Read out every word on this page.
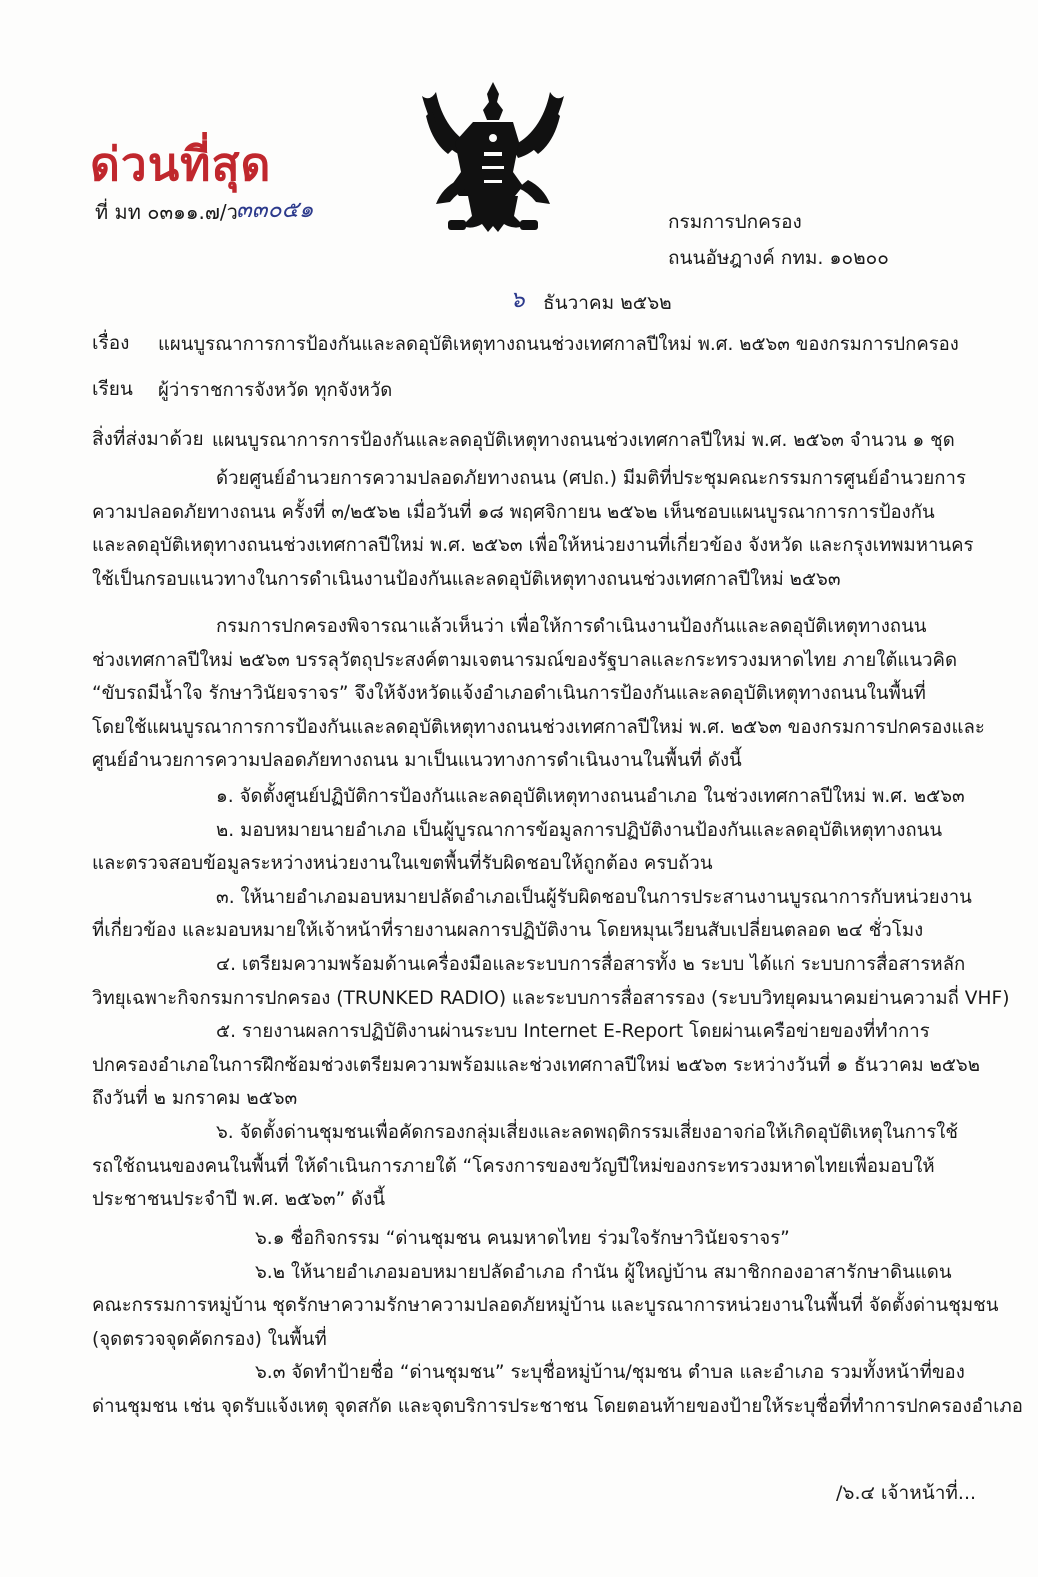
ด่วนที่สุด
ที่ มท ๐๓๑๑.๗/ว
๓๓๐๕๑	กรมการปกครอง
ถนนอัษฎางค์ กทม. ๑๐๒๐๐
๖ ธันวาคม ๒๕๖๒
เรื่อง แผนบูรณาการการป้องกันและลดอุบัติเหตุทางถนนช่วงเทศกาลปีใหม่ พ.ศ. ๒๕๖๓ ของกรมการปกครอง
เรียน ผู้ว่าราชการจังหวัด ทุกจังหวัด
สิ่งที่ส่งมาด้วย แผนบูรณาการการป้องกันและลดอุบัติเหตุทางถนนช่วงเทศกาลปีใหม่ พ.ศ. ๒๕๖๓ จำนวน ๑ ชุด
ด้วยศูนย์อำนวยการความปลอดภัยทางถนน (ศปถ.) มีมติที่ประชุมคณะกรรมการศูนย์อำนวยการ
ความปลอดภัยทางถนน ครั้งที่ ๓/๒๕๖๒ เมื่อวันที่ ๑๘ พฤศจิกายน ๒๕๖๒ เห็นชอบแผนบูรณาการการป้องกัน
และลดอุบัติเหตุทางถนนช่วงเทศกาลปีใหม่ พ.ศ. ๒๕๖๓ เพื่อให้หน่วยงานที่เกี่ยวข้อง จังหวัด และกรุงเทพมหานคร
ใช้เป็นกรอบแนวทางในการดำเนินงานป้องกันและลดอุบัติเหตุทางถนนช่วงเทศกาลปีใหม่ ๒๕๖๓
กรมการปกครองพิจารณาแล้วเห็นว่า เพื่อให้การดำเนินงานป้องกันและลดอุบัติเหตุทางถนน
ช่วงเทศกาลปีใหม่ ๒๕๖๓ บรรลุวัตถุประสงค์ตามเจตนารมณ์ของรัฐบาลและกระทรวงมหาดไทย ภายใต้แนวคิด
“ขับรถมีน้ำใจ รักษาวินัยจราจร” จึงให้จังหวัดแจ้งอำเภอดำเนินการป้องกันและลดอุบัติเหตุทางถนนในพื้นที่
โดยใช้แผนบูรณาการการป้องกันและลดอุบัติเหตุทางถนนช่วงเทศกาลปีใหม่ พ.ศ. ๒๕๖๓ ของกรมการปกครองและ
ศูนย์อำนวยการความปลอดภัยทางถนน มาเป็นแนวทางการดำเนินงานในพื้นที่ ดังนี้
๑. จัดตั้งศูนย์ปฏิบัติการป้องกันและลดอุบัติเหตุทางถนนอำเภอ ในช่วงเทศกาลปีใหม่ พ.ศ. ๒๕๖๓
๒. มอบหมายนายอำเภอ เป็นผู้บูรณาการข้อมูลการปฏิบัติงานป้องกันและลดอุบัติเหตุทางถนน
และตรวจสอบข้อมูลระหว่างหน่วยงานในเขตพื้นที่รับผิดชอบให้ถูกต้อง ครบถ้วน
๓. ให้นายอำเภอมอบหมายปลัดอำเภอเป็นผู้รับผิดชอบในการประสานงานบูรณาการกับหน่วยงาน
ที่เกี่ยวข้อง และมอบหมายให้เจ้าหน้าที่รายงานผลการปฏิบัติงาน โดยหมุนเวียนสับเปลี่ยนตลอด ๒๔ ชั่วโมง
๔. เตรียมความพร้อมด้านเครื่องมือและระบบการสื่อสารทั้ง ๒ ระบบ ได้แก่ ระบบการสื่อสารหลัก
วิทยุเฉพาะกิจกรมการปกครอง (TRUNKED RADIO) และระบบการสื่อสารรอง (ระบบวิทยุคมนาคมย่านความถี่ VHF)
๕. รายงานผลการปฏิบัติงานผ่านระบบ Internet E-Report โดยผ่านเครือข่ายของที่ทำการ
ปกครองอำเภอในการฝึกซ้อมช่วงเตรียมความพร้อมและช่วงเทศกาลปีใหม่ ๒๕๖๓ ระหว่างวันที่ ๑ ธันวาคม ๒๕๖๒
ถึงวันที่ ๒ มกราคม ๒๕๖๓
๖. จัดตั้งด่านชุมชนเพื่อคัดกรองกลุ่มเสี่ยงและลดพฤติกรรมเสี่ยงอาจก่อให้เกิดอุบัติเหตุในการใช้
รถใช้ถนนของคนในพื้นที่ ให้ดำเนินการภายใต้ “โครงการของขวัญปีใหม่ของกระทรวงมหาดไทยเพื่อมอบให้
ประชาชนประจำปี พ.ศ. ๒๕๖๓” ดังนี้
๖.๑ ชื่อกิจกรรม “ด่านชุมชน คนมหาดไทย ร่วมใจรักษาวินัยจราจร”
๖.๒ ให้นายอำเภอมอบหมายปลัดอำเภอ กำนัน ผู้ใหญ่บ้าน สมาชิกกองอาสารักษาดินแดน
คณะกรรมการหมู่บ้าน ชุดรักษาความรักษาความปลอดภัยหมู่บ้าน และบูรณาการหน่วยงานในพื้นที่ จัดตั้งด่านชุมชน
(จุดตรวจจุดคัดกรอง) ในพื้นที่
๖.๓ จัดทำป้ายชื่อ “ด่านชุมชน” ระบุชื่อหมู่บ้าน/ชุมชน ตำบล และอำเภอ รวมทั้งหน้าที่ของ
ด่านชุมชน เช่น จุดรับแจ้งเหตุ จุดสกัด และจุดบริการประชาชน โดยตอนท้ายของป้ายให้ระบุชื่อที่ทำการปกครองอำเภอ
/๖.๔ เจ้าหน้าที่...
